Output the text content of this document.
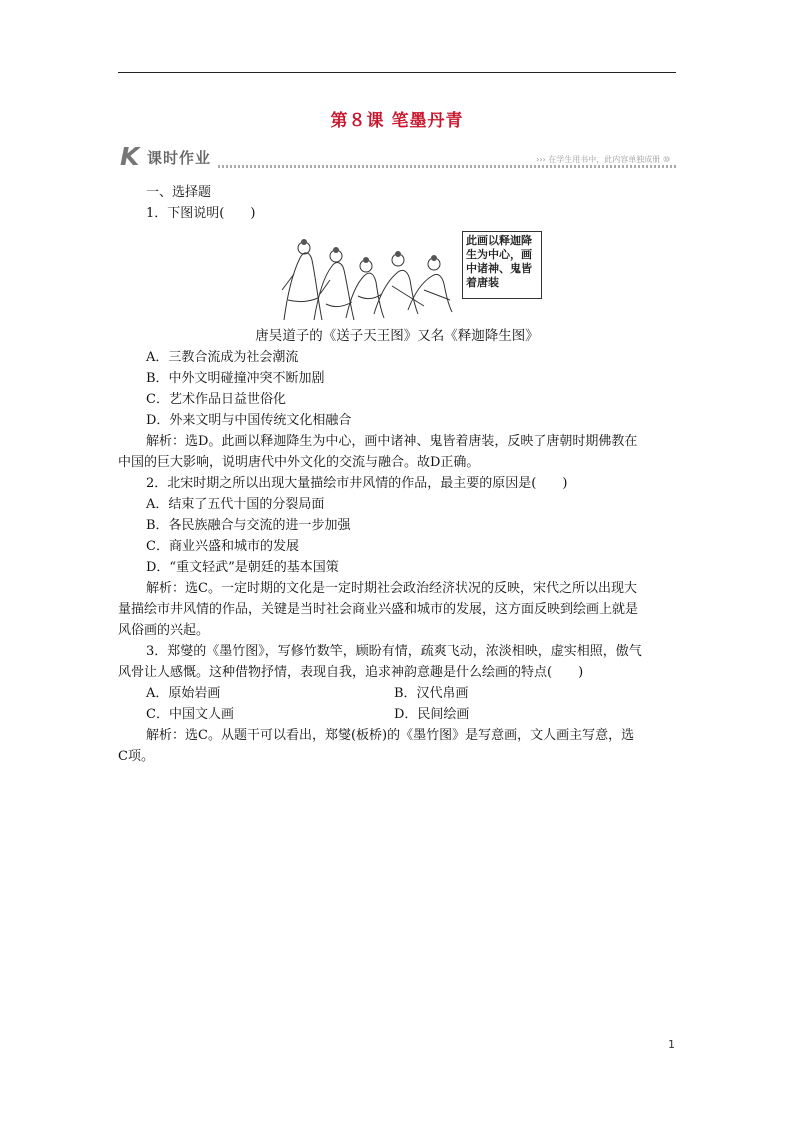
第８课 笔墨丹青
K 课时作业	››› 在学生用书中，此内容单独成册 ⑩
一、选择题
1．下图说明(　　)
此画以释迦降生为中心，画中诸神、鬼皆着唐装
唐吴道子的《送子天王图》又名《释迦降生图》
A．三教合流成为社会潮流
B．中外文明碰撞冲突不断加剧
C．艺术作品日益世俗化
D．外来文明与中国传统文化相融合
解析：选D。此画以释迦降生为中心，画中诸神、鬼皆着唐装，反映了唐朝时期佛教在
中国的巨大影响，说明唐代中外文化的交流与融合。故D正确。
2．北宋时期之所以出现大量描绘市井风情的作品，最主要的原因是(　　)
A．结束了五代十国的分裂局面
B．各民族融合与交流的进一步加强
C．商业兴盛和城市的发展
D．“重文轻武”是朝廷的基本国策
解析：选C。一定时期的文化是一定时期社会政治经济状况的反映，宋代之所以出现大
量描绘市井风情的作品，关键是当时社会商业兴盛和城市的发展，这方面反映到绘画上就是
风俗画的兴起。
3．郑燮的《墨竹图》，写修竹数竿，顾盼有情，疏爽飞动，浓淡相映，虚实相照，傲气
风骨让人感慨。这种借物抒情，表现自我，追求神韵意趣是什么绘画的特点(　　)
A．原始岩画	B．汉代帛画
C．中国文人画	D．民间绘画
解析：选C。从题干可以看出，郑燮(板桥)的《墨竹图》是写意画，文人画主写意，选
C项。
1
